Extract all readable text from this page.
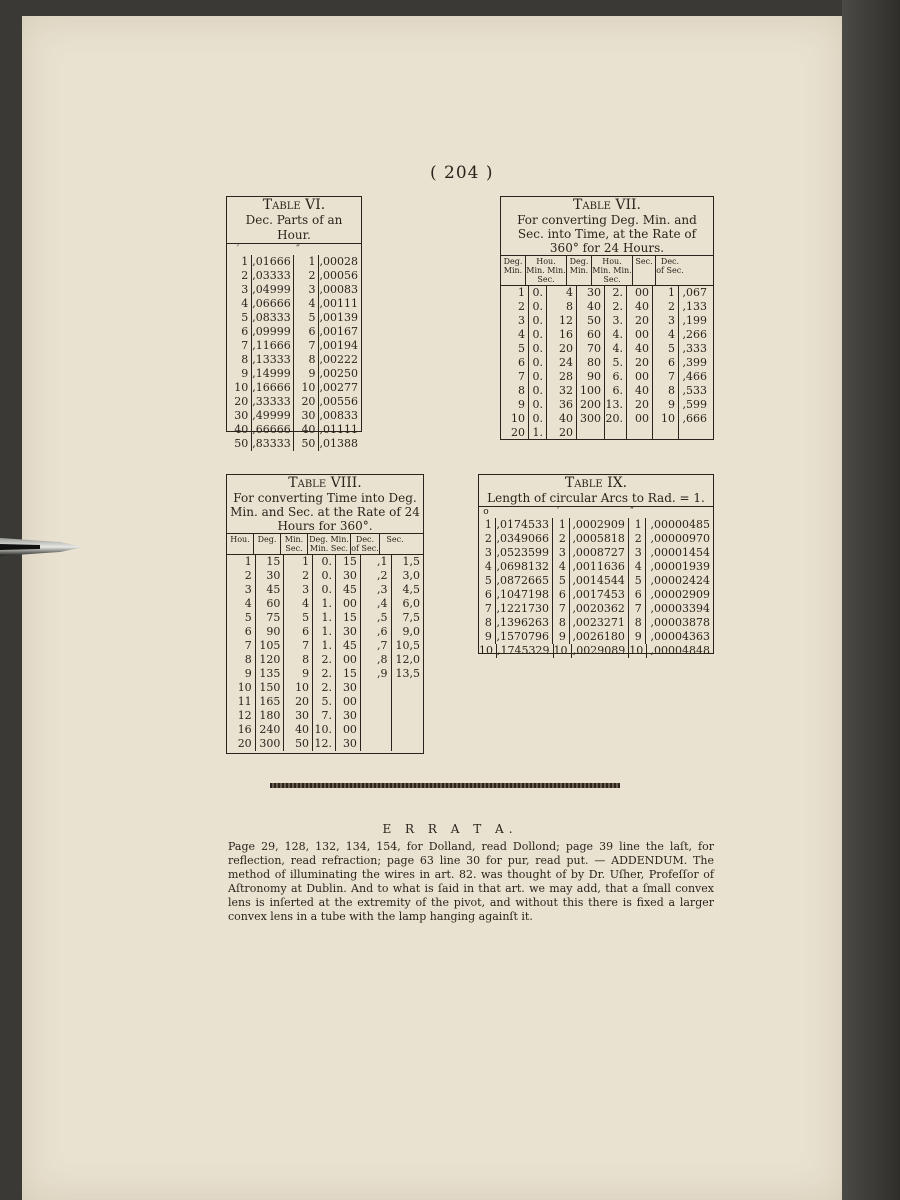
( 204 )
Table VI.
Dec. Parts of an Hour.
′	″
1 ,01666	1 ,00028
2 ,03333	2 ,00056
3 ,04999	3 ,00083
4 ,06666	4 ,00111
5 ,08333	5 ,00139
6 ,09999	6 ,00167
7 ,11666	7 ,00194
8 ,13333	8 ,00222
9 ,14999	9 ,00250
10 ,16666 10 ,00277
20 ,33333 20 ,00556
30 ,49999 30 ,00833
40 ,66666 40 ,01111
50 ,83333 50 ,01388
Table VII.
For converting Deg. Min. and Sec. into Time, at the Rate of 360° for 24 Hours.
Deg. Min.
Hou. Min. Min. Sec.
Deg. Min.
Hou. Min. Min. Sec.
Sec.	Dec. of Sec.
1 0.	4	30	2.	00	1 ,067
2 0.	8	40	2.	40	2 ,133
3 0.	12	50	3.	20	3 ,199
4 0.	16	60	4.	00	4 ,266
5 0.	20	70	4.	40	5 ,333
6 0.	24	80	5.	20	6 ,399
7 0.	28	90	6.	00	7 ,466
8 0.	32 100	6.	40	8 ,533
9 0.	36 200 13.	20	9 ,599
10 0.	40 300 20.	00	10 ,666
20 1.	20
Table VIII.
For converting Time into Deg. Min. and Sec. at the Rate of 24 Hours for 360°.
Hou. Deg.	Min. Sec.
Deg. Min. Min. Sec.
Dec. of Sec.
Sec.
1	15	1	0. 15	,1	1,5
2	30	2	0. 30	,2	3,0
3	45	3	0. 45	,3	4,5
4	60	4	1. 00	,4	6,0
5	75	5	1. 15	,5	7,5
6	90	6	1. 30	,6	9,0
7 105	7	1. 45	,7 10,5
8 120	8	2. 00	,8 12,0
9 135	9	2. 15	,9 13,5
10 150	10	2. 30
11 165	20	5. 00
12 180	30	7. 30
16 240	40 10. 00
20 300	50 12. 30
Table IX.
Length of circular Arcs to Rad. = 1.
o	′	″
1 ,0174533 1 ,0002909 1 ,00000485
2 ,0349066 2 ,0005818 2 ,00000970
3 ,0523599 3 ,0008727 3 ,00001454
4 ,0698132 4 ,0011636 4 ,00001939
5 ,0872665 5 ,0014544 5 ,00002424
6 ,1047198 6 ,0017453 6 ,00002909
7 ,1221730 7 ,0020362 7 ,00003394
8 ,1396263 8 ,0023271 8 ,00003878
9 ,1570796 9 ,0026180 9 ,00004363
10 ,1745329 10 ,0029089 10 ,00004848
E R R A T A.
Page 29, 128, 132, 134, 154, for Dolland, read Dollond; page 39 line the laſt, for reflection, read refraction; page 63 line 30 for pur, read put. — ADDENDUM. The method of illuminating the wires in art. 82. was thought of by Dr. Uſher, Profeſſor of Aſtronomy at Dublin. And to what is ſaid in that art. we may add, that a ſmall convex lens is inſerted at the extremity of the pivot, and without this there is fixed a larger convex lens in a tube with the lamp hanging againſt it.
